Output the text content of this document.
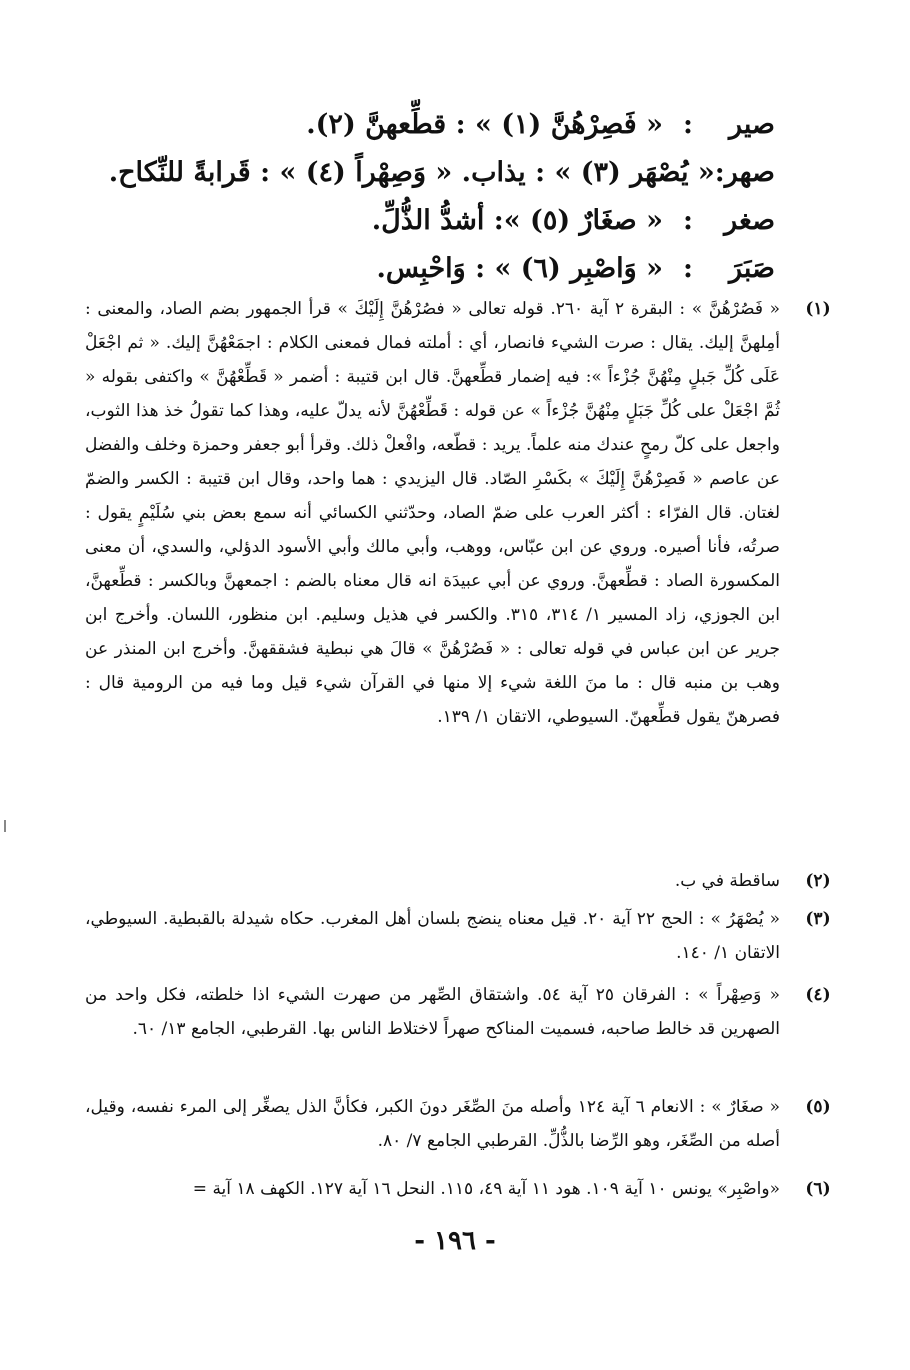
صير
:
« فَصِرْهُنَّ (١) » : قطِّعهنَّ (٢).
صهر
:
« يُصْهَر (٣) » : يذاب. « وَصِهْراً (٤) » : قَرابةً للنِّكاح.
صغر
:
« صغَارٌ (٥) »: أشدُّ الذُّلِّ.
صَبَرَ
:
« وَاصْبِر (٦) » : وَاحْبِس.
(١)
« فَصُرْهُنَّ » : البقرة ٢ آية ٢٦٠. قوله تعالى « فصُرْهُنَّ إِلَيْكَ » قرأ الجمهور بضم الصاد، والمعنى : أمِلهنَّ إليك. يقال : صرت الشيء فانصار، أي : أملته فمال فمعنى الكلام : اجمَعْهُنَّ إليك. « ثم اجْعَلْ عَلَى كُلِّ جَبلٍ مِنْهُنَّ جُزْءاً »: فيه إضمار قطِّعهنَّ. قال ابن قتيبة : أضمر « قَطِّعْهُنَّ » واكتفى بقوله « ثُمَّ اجْعَلْ على كُلِّ جَبَلٍ مِنْهُنَّ جُزْءاً » عن قوله : قَطِّعْهُنَّ لأنه يدلّ عليه، وهذا كما تقولُ خذ هذا الثوب، واجعل على كلّ رمحٍ عندك منه علماً. يريد : قطّعه، وافْعلْ ذلك. وقرأ أبو جعفر وحمزة وخلف والفضل عن عاصم « فَصِرْهُنَّ إِلَيْكَ » بكَسْرِ الصّاد. قال اليزيدي : هما واحد، وقال ابن قتيبة : الكسر والضمّ لغتان. قال الفرّاء : أكثر العرب على ضمّ الصاد، وحدّثني الكسائي أنه سمع بعض بني سُلَيْمٍ يقول : صرتُه، فأنا أصيره. وروي عن ابن عبّاس، ووهب، وأبي مالك وأبي الأسود الدؤلي، والسدي، أن معنى المكسورة الصاد : قطِّعهنَّ. وروي عن أبي عبيدَة انه قال معناه بالضم : اجمعهنَّ وبالكسر : قطِّعهنَّ، ابن الجوزي، زاد المسير ١/ ٣١٤، ٣١٥. والكسر في هذيل وسليم. ابن منظور، اللسان. وأخرج ابن جرير عن ابن عباس في قوله تعالى : « فَصُرْهُنَّ » قالَ هي نبطية فشققهنَّ. وأخرج ابن المنذر عن وهب بن منبه قال : ما منَ اللغة شيء إلا منها في القرآن شيء قيل وما فيه من الرومية قال : فصرهنّ يقول قطِّعهنّ. السيوطي، الاتقان ١/ ١٣٩.
(٢)
ساقطة في ب.
(٣)
« يُصْهَرُ » : الحج ٢٢ آية ٢٠. قيل معناه ينضج بلسان أهل المغرب. حكاه شيدلة بالقبطية. السيوطي، الاتقان ١/ ١٤٠.
(٤)
« وَصِهْراً » : الفرقان ٢٥ آية ٥٤. واشتقاق الصِّهر من صهرت الشيء اذا خلطته، فكل واحد من الصهرين قد خالط صاحبه، فسميت المناكح صهراً لاختلاط الناس بها. القرطبي، الجامع ١٣/ ٦٠.
(٥)
« صغَارٌ » : الانعام ٦ آية ١٢٤ وأصله منَ الصِّغَر دونَ الكبر، فكأنَّ الذل يصغِّر إلى المرء نفسه، وقيل، أصله من الصِّغَر، وهو الرِّضا بالذُّلِّ. القرطبي الجامع ٧/ ٨٠.
(٦)
«واصْبِر» يونس ١٠ آية ١٠٩. هود ١١ آية ٤٩، ١١٥. النحل ١٦ آية ١٢٧. الكهف ١٨ آية =
- ١٩٦ -
